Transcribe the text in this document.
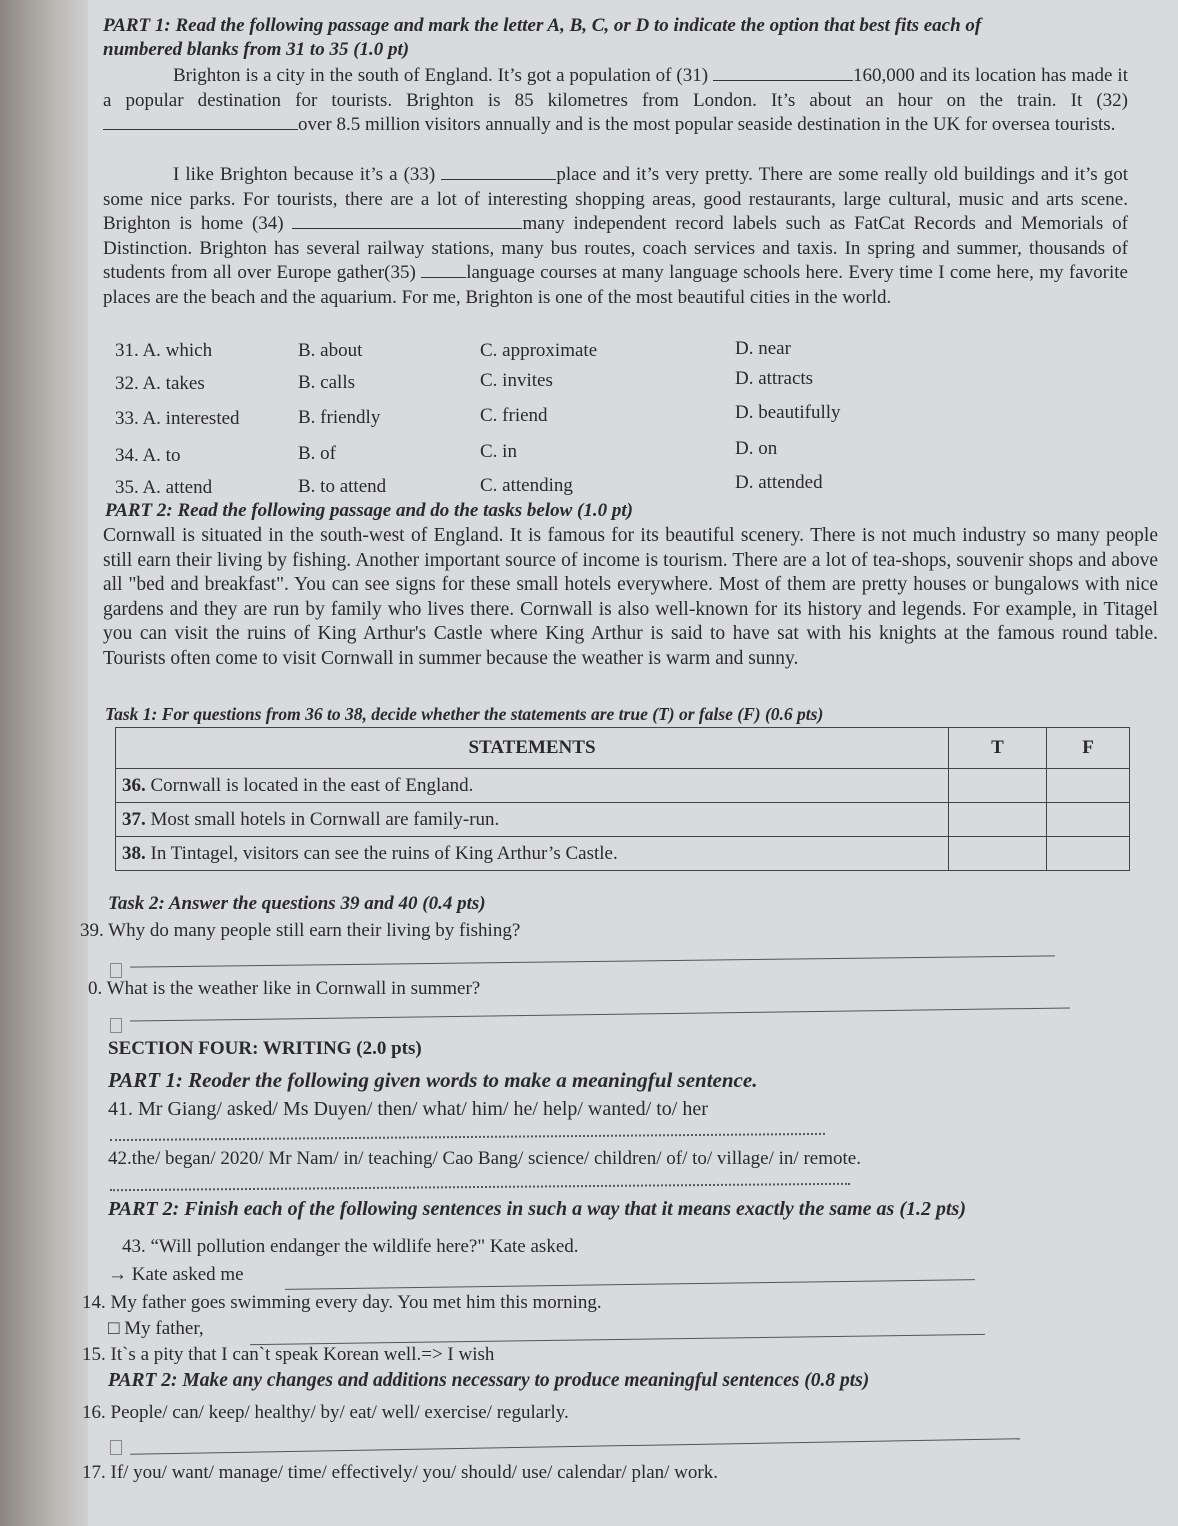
PART 1: Read the following passage and mark the letter A, B, C, or D to indicate the option that best fits each of
numbered blanks from 31 to 35 (1.0 pt)
Brighton is a city in the south of England. It’s got a population of (31)	160,000 and its location has made it a popular destination for tourists. Brighton is 85 kilometres from London. It’s about an hour on the train. It (32) over 8.5 million visitors annually and is the most popular seaside destination in the UK for oversea tourists.
I like Brighton because it’s a (33)	place and it’s very pretty. There are some really old buildings and it’s got some nice parks. For tourists, there are a lot of interesting shopping areas, good restaurants, large cultural, music and arts scene. Brighton is home (34)	many independent record labels such as FatCat Records and Memorials of Distinction. Brighton has several railway stations, many bus routes, coach services and taxis. In spring and summer, thousands of students from all over Europe gather(35)	language courses at many language schools here. Every time I come here, my favorite places are the beach and the aquarium. For me, Brighton is one of the most beautiful cities in the world.
31. A. which	B. about	C. approximate	D. near
32. A. takes	B. calls	C. invites	D. attracts
33. A. interested	B. friendly	C. friend	D. beautifully
34. A. to	B. of	C. in	D. on
35. A. attend	B. to attend	C. attending	D. attended
PART 2: Read the following passage and do the tasks below (1.0 pt)
Cornwall is situated in the south-west of England. It is famous for its beautiful scenery. There is not much industry so many people still earn their living by fishing. Another important source of income is tourism. There are a lot of tea-shops, souvenir shops and above all "bed and breakfast". You can see signs for these small hotels everywhere. Most of them are pretty houses or bungalows with nice gardens and they are run by family who lives there. Cornwall is also well-known for its history and legends. For example, in Titagel you can visit the ruins of King Arthur's Castle where King Arthur is said to have sat with his knights at the famous round table. Tourists often come to visit Cornwall in summer because the weather is warm and sunny.
Task 1: For questions from 36 to 38, decide whether the statements are true (T) or false (F) (0.6 pts)
STATEMENTS	T	F
36. Cornwall is located in the east of England.		
37. Most small hotels in Cornwall are family-run.		
38. In Tintagel, visitors can see the ruins of King Arthur’s Castle.		
Task 2: Answer the questions 39 and 40 (0.4 pts)
39. Why do many people still earn their living by fishing?
0. What is the weather like in Cornwall in summer?
SECTION FOUR: WRITING (2.0 pts)
PART 1: Reoder the following given words to make a meaningful sentence.
41. Mr Giang/ asked/ Ms Duyen/ then/ what/ him/ he/ help/ wanted/ to/ her
42.the/ began/ 2020/ Mr Nam/ in/ teaching/ Cao Bang/ science/ children/ of/ to/ village/ in/ remote.
PART 2: Finish each of the following sentences in such a way that it means exactly the same as (1.2 pts)
43. “Will pollution endanger the wildlife here?" Kate asked.
→ Kate asked me
14. My father goes swimming every day. You met him this morning.
□ My father,
15. It`s a pity that I can`t speak Korean well.=> I wish
PART 2: Make any changes and additions necessary to produce meaningful sentences (0.8 pts)
16. People/ can/ keep/ healthy/ by/ eat/ well/ exercise/ regularly.
17. If/ you/ want/ manage/ time/ effectively/ you/ should/ use/ calendar/ plan/ work.
